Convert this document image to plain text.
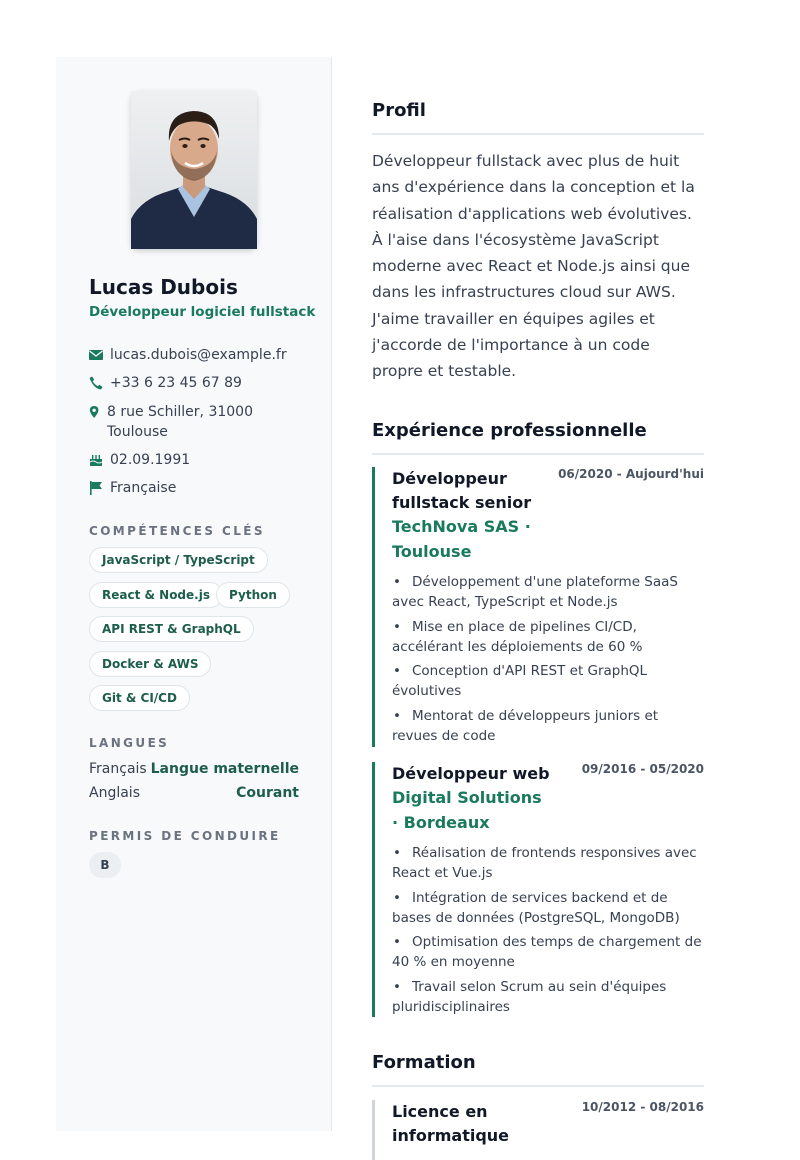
Lucas Dubois
Développeur logiciel fullstack
lucas.dubois@example.fr
+33 6 23 45 67 89
8 rue Schiller, 31000 Toulouse
02.09.1991
Française
COMPÉTENCES CLÉS
JavaScript / TypeScript
React & Node.js	Python
API REST & GraphQL
Docker & AWS
Git & CI/CD
LANGUES
Français Langue maternelle
Anglais	Courant
PERMIS DE CONDUIRE
B
Profil
Développeur fullstack avec plus de huit ans d'expérience dans la conception et la réalisation d'applications web évolutives. À l'aise dans l'écosystème JavaScript moderne avec React et Node.js ainsi que dans les infrastructures cloud sur AWS. J'aime travailler en équipes agiles et j'accorde de l'importance à un code propre et testable.
Expérience professionnelle
Développeur fullstack senior
TechNova SAS · Toulouse
06/2020 - Aujourd'hui
• Développement d'une plateforme SaaS avec React, TypeScript et Node.js
• Mise en place de pipelines CI/CD, accélérant les déploiements de 60 %
• Conception d'API REST et GraphQL évolutives
• Mentorat de développeurs juniors et revues de code
Développeur web
Digital Solutions · Bordeaux
09/2016 - 05/2020
• Réalisation de frontends responsives avec React et Vue.js
• Intégration de services backend et de bases de données (PostgreSQL, MongoDB)
• Optimisation des temps de chargement de 40 % en moyenne
• Travail selon Scrum au sein d'équipes pluridisciplinaires
Formation
Licence en informatique
10/2012 - 08/2016
